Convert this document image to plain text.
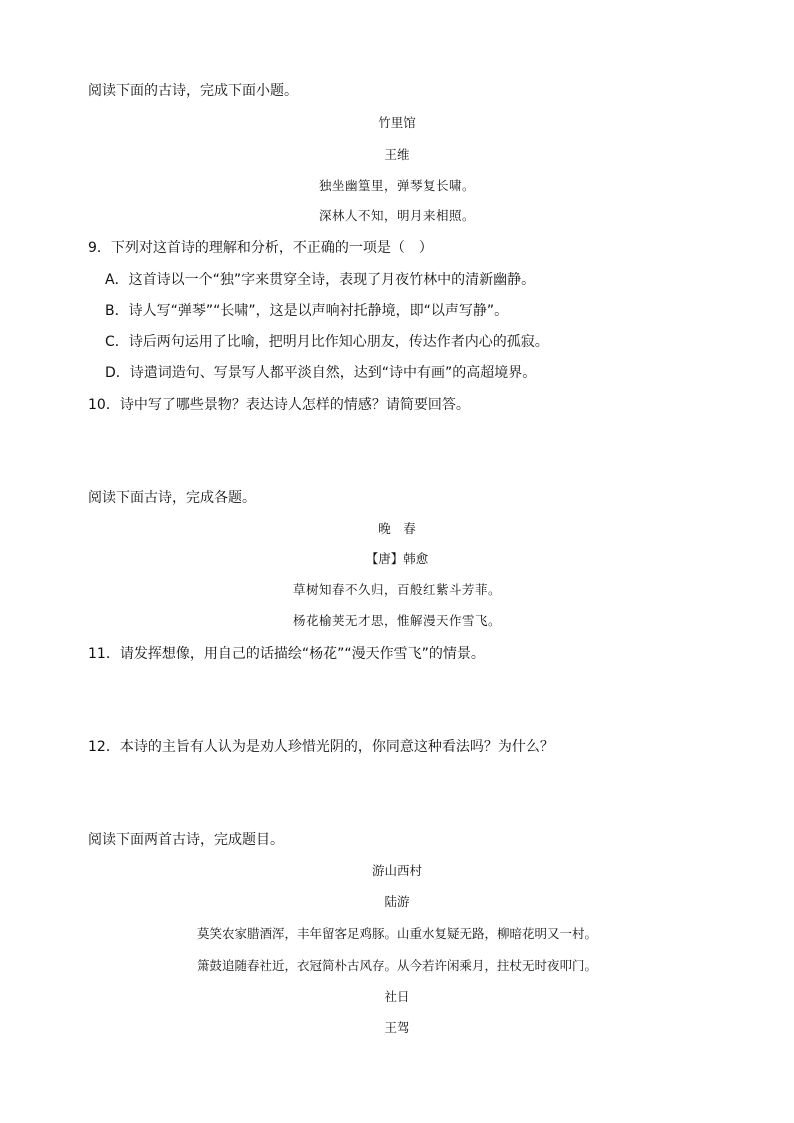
阅读下面的古诗，完成下面小题。
竹里馆
王维
独坐幽篁里，弹琴复长啸。
深林人不知，明月来相照。
9．下列对这首诗的理解和分析，不正确的一项是（　）
A．这首诗以一个“独”字来贯穿全诗，表现了月夜竹林中的清新幽静。
B．诗人写“弹琴”“长啸”，这是以声响衬托静境，即“以声写静”。
C．诗后两句运用了比喻，把明月比作知心朋友，传达作者内心的孤寂。
D．诗遣词造句、写景写人都平淡自然，达到“诗中有画”的高超境界。
10．诗中写了哪些景物？表达诗人怎样的情感？请简要回答。
阅读下面古诗，完成各题。
晚　春
【唐】韩愈
草树知春不久归，百般红紫斗芳菲。
杨花榆荚无才思，惟解漫天作雪飞。
11．请发挥想像，用自己的话描绘“杨花”“漫天作雪飞”的情景。
12．本诗的主旨有人认为是劝人珍惜光阴的，你同意这种看法吗？为什么？
阅读下面两首古诗，完成题目。
游山西村
陆游
莫笑农家腊酒浑，丰年留客足鸡豚。山重水复疑无路，柳暗花明又一村。
箫鼓追随春社近，衣冠简朴古风存。从今若许闲乘月，拄杖无时夜叩门。
社日
王驾
